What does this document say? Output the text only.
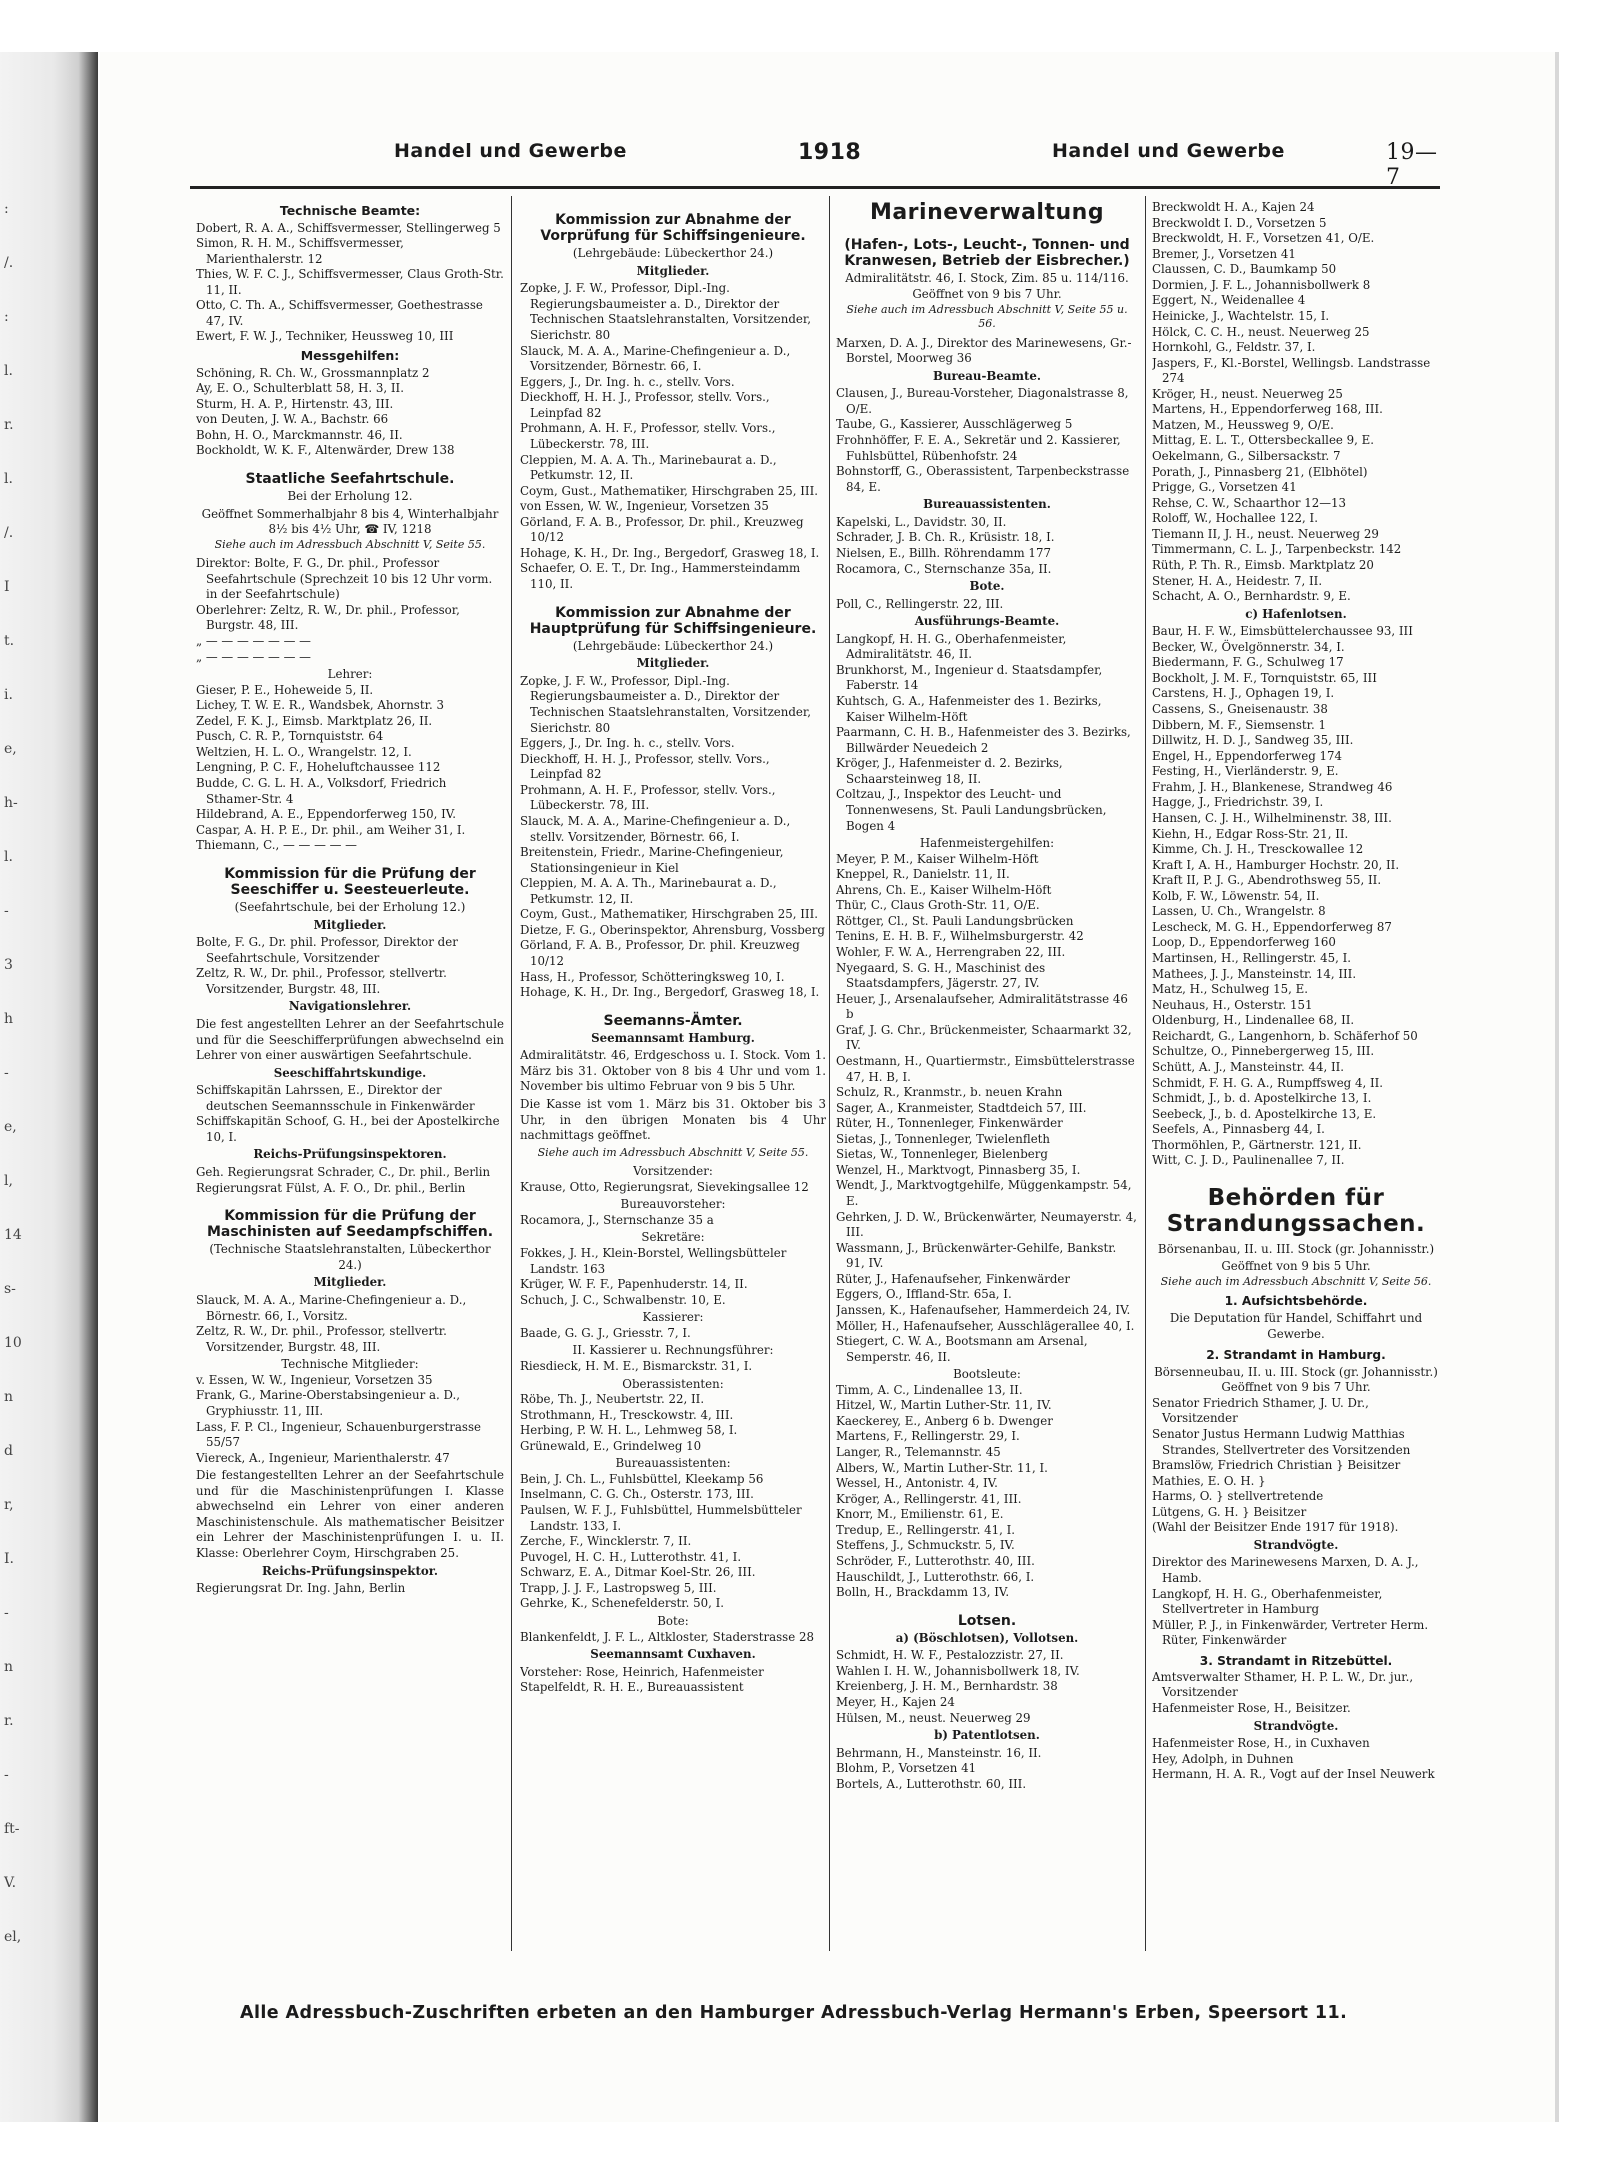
:
/.
:
l.
r.
l.
/.
I
t.
i.
e,
h-
l.
-
3
h
-
e,
l,
14
s-
10
n
d
r,
I.
-
n
r.
-
ft-
V.
el,
Handel und Gewerbe	1918	Handel und Gewerbe	19—7
Technische Beamte:
Dobert, R. A. A., Schiffsvermesser, Stellingerweg 5
Simon, R. H. M., Schiffsvermesser, Marienthalerstr. 12
Thies, W. F. C. J., Schiffsvermesser, Claus Groth-Str. 11, II.
Otto, C. Th. A., Schiffsvermesser, Goethestrasse 47, IV.
Ewert, F. W. J., Techniker, Heussweg 10, III
Messgehilfen:
Schöning, R. Ch. W., Grossmannplatz 2
Ay, E. O., Schulterblatt 58, H. 3, II.
Sturm, H. A. P., Hirtenstr. 43, III.
von Deuten, J. W. A., Bachstr. 66
Bohn, H. O., Marckmannstr. 46, II.
Bockholdt, W. K. F., Altenwärder, Drew 138
Staatliche Seefahrtschule.
Bei der Erholung 12.
Geöffnet Sommerhalbjahr 8 bis 4, Winterhalbjahr 8½ bis 4½ Uhr, ☎ IV, 1218
Siehe auch im Adressbuch Abschnitt V, Seite 55.
Direktor: Bolte, F. G., Dr. phil., Professor Seefahrtschule (Sprechzeit 10 bis 12 Uhr vorm. in der Seefahrtschule)
Oberlehrer: Zeltz, R. W., Dr. phil., Professor, Burgstr. 48, III.
„ — — — — — — —
„ — — — — — — —
Lehrer:
Gieser, P. E., Hoheweide 5, II.
Lichey, T. W. E. R., Wandsbek, Ahornstr. 3
Zedel, F. K. J., Eimsb. Marktplatz 26, II.
Pusch, C. R. P., Tornquiststr. 64
Weltzien, H. L. O., Wrangelstr. 12, I.
Lengning, P. C. F., Hoheluftchaussee 112
Budde, C. G. L. H. A., Volksdorf, Friedrich Sthamer-Str. 4
Hildebrand, A. E., Eppendorferweg 150, IV.
Caspar, A. H. P. E., Dr. phil., am Weiher 31, I.
Thiemann, C., — — — — —
Kommission für die Prüfung der Seeschiffer u. Seesteuerleute.
(Seefahrtschule, bei der Erholung 12.)
Mitglieder.
Bolte, F. G., Dr. phil. Professor, Direktor der Seefahrtschule, Vorsitzender
Zeltz, R. W., Dr. phil., Professor, stellvertr. Vorsitzender, Burgstr. 48, III.
Navigationslehrer.
Die fest angestellten Lehrer an der Seefahrtschule und für die Seeschifferprüfungen abwechselnd ein Lehrer von einer auswärtigen Seefahrtschule.
Seeschiffahrtskundige.
Schiffskapitän Lahrssen, E., Direktor der deutschen Seemannsschule in Finkenwärder
Schiffskapitän Schoof, G. H., bei der Apostelkirche 10, I.
Reichs-Prüfungsinspektoren.
Geh. Regierungsrat Schrader, C., Dr. phil., Berlin
Regierungsrat Fülst, A. F. O., Dr. phil., Berlin
Kommission für die Prüfung der Maschinisten auf Seedampfschiffen.
(Technische Staatslehranstalten, Lübeckerthor 24.)
Mitglieder.
Slauck, M. A. A., Marine-Chefingenieur a. D., Börnestr. 66, I., Vorsitz.
Zeltz, R. W., Dr. phil., Professor, stellvertr. Vorsitzender, Burgstr. 48, III.
Technische Mitglieder:
v. Essen, W. W., Ingenieur, Vorsetzen 35
Frank, G., Marine-Oberstabsingenieur a. D., Gryphiusstr. 11, III.
Lass, F. P. Cl., Ingenieur, Schauenburgerstrasse 55/57
Viereck, A., Ingenieur, Marienthalerstr. 47
Die festangestellten Lehrer an der Seefahrtschule und für die Maschinistenprüfungen I. Klasse abwechselnd ein Lehrer von einer anderen Maschinistenschule. Als mathematischer Beisitzer ein Lehrer der Maschinistenprüfungen I. u. II. Klasse: Oberlehrer Coym, Hirschgraben 25.
Reichs-Prüfungsinspektor.
Regierungsrat Dr. Ing. Jahn, Berlin
Kommission zur Abnahme der Vorprüfung für Schiffsingenieure.
(Lehrgebäude: Lübeckerthor 24.)
Mitglieder.
Zopke, J. F. W., Professor, Dipl.-Ing. Regierungsbaumeister a. D., Direktor der Technischen Staatslehranstalten, Vorsitzender, Sierichstr. 80
Slauck, M. A. A., Marine-Chefingenieur a. D., Vorsitzender, Börnestr. 66, I.
Eggers, J., Dr. Ing. h. c., stellv. Vors.
Dieckhoff, H. H. J., Professor, stellv. Vors., Leinpfad 82
Prohmann, A. H. F., Professor, stellv. Vors., Lübeckerstr. 78, III.
Cleppien, M. A. A. Th., Marinebaurat a. D., Petkumstr. 12, II.
Coym, Gust., Mathematiker, Hirschgraben 25, III.
von Essen, W. W., Ingenieur, Vorsetzen 35
Görland, F. A. B., Professor, Dr. phil., Kreuzweg 10/12
Hohage, K. H., Dr. Ing., Bergedorf, Grasweg 18, I.
Schaefer, O. E. T., Dr. Ing., Hammersteindamm 110, II.
Kommission zur Abnahme der Hauptprüfung für Schiffsingenieure.
(Lehrgebäude: Lübeckerthor 24.)
Mitglieder.
Zopke, J. F. W., Professor, Dipl.-Ing. Regierungsbaumeister a. D., Direktor der Technischen Staatslehranstalten, Vorsitzender, Sierichstr. 80
Eggers, J., Dr. Ing. h. c., stellv. Vors.
Dieckhoff, H. H. J., Professor, stellv. Vors., Leinpfad 82
Prohmann, A. H. F., Professor, stellv. Vors., Lübeckerstr. 78, III.
Slauck, M. A. A., Marine-Chefingenieur a. D., stellv. Vorsitzender, Börnestr. 66, I.
Breitenstein, Friedr., Marine-Chefingenieur, Stationsingenieur in Kiel
Cleppien, M. A. A. Th., Marinebaurat a. D., Petkumstr. 12, II.
Coym, Gust., Mathematiker, Hirschgraben 25, III.
Dietze, F. G., Oberinspektor, Ahrensburg, Vossberg
Görland, F. A. B., Professor, Dr. phil. Kreuzweg 10/12
Hass, H., Professor, Schötteringksweg 10, I.
Hohage, K. H., Dr. Ing., Bergedorf, Grasweg 18, I.
Seemanns-Ämter.
Seemannsamt Hamburg.
Admiralitätstr. 46, Erdgeschoss u. I. Stock. Vom 1. März bis 31. Oktober von 8 bis 4 Uhr und vom 1. November bis ultimo Februar von 9 bis 5 Uhr.
Die Kasse ist vom 1. März bis 31. Oktober bis 3 Uhr, in den übrigen Monaten bis 4 Uhr nachmittags geöffnet.
Siehe auch im Adressbuch Abschnitt V, Seite 55.
Vorsitzender:
Krause, Otto, Regierungsrat, Sievekingsallee 12
Bureauvorsteher:
Rocamora, J., Sternschanze 35 a
Sekretäre:
Fokkes, J. H., Klein-Borstel, Wellingsbütteler Landstr. 163
Krüger, W. F. F., Papenhuderstr. 14, II.
Schuch, J. C., Schwalbenstr. 10, E.
Kassierer:
Baade, G. G. J., Griesstr. 7, I.
II. Kassierer u. Rechnungsführer:
Riesdieck, H. M. E., Bismarckstr. 31, I.
Oberassistenten:
Röbe, Th. J., Neubertstr. 22, II.
Strothmann, H., Tresckowstr. 4, III.
Herbing, P. W. H. L., Lehmweg 58, I.
Grünewald, E., Grindelweg 10
Bureauassistenten:
Bein, J. Ch. L., Fuhlsbüttel, Kleekamp 56
Inselmann, C. G. Ch., Osterstr. 173, III.
Paulsen, W. F. J., Fuhlsbüttel, Hummelsbütteler Landstr. 133, I.
Zerche, F., Wincklerstr. 7, II.
Puvogel, H. C. H., Lutterothstr. 41, I.
Schwarz, E. A., Ditmar Koel-Str. 26, III.
Trapp, J. J. F., Lastropsweg 5, III.
Gehrke, K., Schenefelderstr. 50, I.
Bote:
Blankenfeldt, J. F. L., Altkloster, Staderstrasse 28
Seemannsamt Cuxhaven.
Vorsteher: Rose, Heinrich, Hafenmeister
Stapelfeldt, R. H. E., Bureauassistent
Marineverwaltung
(Hafen-, Lots-, Leucht-, Tonnen- und Kranwesen, Betrieb der Eisbrecher.)
Admiralitätstr. 46, I. Stock, Zim. 85 u. 114/116. Geöffnet von 9 bis 7 Uhr.
Siehe auch im Adressbuch Abschnitt V, Seite 55 u. 56.
Marxen, D. A. J., Direktor des Marinewesens, Gr.-Borstel, Moorweg 36
Bureau-Beamte.
Clausen, J., Bureau-Vorsteher, Diagonalstrasse 8, O/E.
Taube, G., Kassierer, Ausschlägerweg 5
Frohnhöffer, F. E. A., Sekretär und 2. Kassierer, Fuhlsbüttel, Rübenhofstr. 24
Bohnstorff, G., Oberassistent, Tarpenbeckstrasse 84, E.
Bureauassistenten.
Kapelski, L., Davidstr. 30, II.
Schrader, J. B. Ch. R., Krüsistr. 18, I.
Nielsen, E., Billh. Röhrendamm 177
Rocamora, C., Sternschanze 35a, II.
Bote.
Poll, C., Rellingerstr. 22, III.
Ausführungs-Beamte.
Langkopf, H. H. G., Oberhafenmeister, Admiralitätstr. 46, II.
Brunkhorst, M., Ingenieur d. Staatsdampfer, Faberstr. 14
Kuhtsch, G. A., Hafenmeister des 1. Bezirks, Kaiser Wilhelm-Höft
Paarmann, C. H. B., Hafenmeister des 3. Bezirks, Billwärder Neuedeich 2
Kröger, J., Hafenmeister d. 2. Bezirks, Schaarsteinweg 18, II.
Coltzau, J., Inspektor des Leucht- und Tonnenwesens, St. Pauli Landungsbrücken, Bogen 4
Hafenmeistergehilfen:
Meyer, P. M., Kaiser Wilhelm-Höft
Kneppel, R., Danielstr. 11, II.
Ahrens, Ch. E., Kaiser Wilhelm-Höft
Thür, C., Claus Groth-Str. 11, O/E.
Röttger, Cl., St. Pauli Landungsbrücken
Tenins, E. H. B. F., Wilhelmsburgerstr. 42
Wohler, F. W. A., Herrengraben 22, III.
Nyegaard, S. G. H., Maschinist des Staatsdampfers, Jägerstr. 27, IV.
Heuer, J., Arsenalaufseher, Admiralitätstrasse 46 b
Graf, J. G. Chr., Brückenmeister, Schaarmarkt 32, IV.
Oestmann, H., Quartiermstr., Eimsbüttelerstrasse 47, H. B, I.
Schulz, R., Kranmstr., b. neuen Krahn
Sager, A., Kranmeister, Stadtdeich 57, III.
Rüter, H., Tonnenleger, Finkenwärder
Sietas, J., Tonnenleger, Twielenfleth
Sietas, W., Tonnenleger, Bielenberg
Wenzel, H., Marktvogt, Pinnasberg 35, I.
Wendt, J., Marktvogtgehilfe, Müggenkampstr. 54, E.
Gehrken, J. D. W., Brückenwärter, Neumayerstr. 4, III.
Wassmann, J., Brückenwärter-Gehilfe, Bankstr. 91, IV.
Rüter, J., Hafenaufseher, Finkenwärder
Eggers, O., Iffland-Str. 65a, I.
Janssen, K., Hafenaufseher, Hammerdeich 24, IV.
Möller, H., Hafenaufseher, Ausschlägerallee 40, I.
Stiegert, C. W. A., Bootsmann am Arsenal, Semperstr. 46, II.
Bootsleute:
Timm, A. C., Lindenallee 13, II.
Hitzel, W., Martin Luther-Str. 11, IV.
Kaeckerey, E., Anberg 6 b. Dwenger
Martens, F., Rellingerstr. 29, I.
Langer, R., Telemannstr. 45
Albers, W., Martin Luther-Str. 11, I.
Wessel, H., Antonistr. 4, IV.
Kröger, A., Rellingerstr. 41, III.
Knorr, M., Emilienstr. 61, E.
Tredup, E., Rellingerstr. 41, I.
Steffens, J., Schmuckstr. 5, IV.
Schröder, F., Lutterothstr. 40, III.
Hauschildt, J., Lutterothstr. 66, I.
Bolln, H., Brackdamm 13, IV.
Lotsen.
a) (Böschlotsen), Vollotsen.
Schmidt, H. W. F., Pestalozzistr. 27, II.
Wahlen I. H. W., Johannisbollwerk 18, IV.
Kreienberg, J. H. M., Bernhardstr. 38
Meyer, H., Kajen 24
Hülsen, M., neust. Neuerweg 29
b) Patentlotsen.
Behrmann, H., Mansteinstr. 16, II.
Blohm, P., Vorsetzen 41
Bortels, A., Lutterothstr. 60, III.
Breckwoldt H. A., Kajen 24
Breckwoldt I. D., Vorsetzen 5
Breckwoldt, H. F., Vorsetzen 41, O/E.
Bremer, J., Vorsetzen 41
Claussen, C. D., Baumkamp 50
Dormien, J. F. L., Johannisbollwerk 8
Eggert, N., Weidenallee 4
Heinicke, J., Wachtelstr. 15, I.
Hölck, C. C. H., neust. Neuerweg 25
Hornkohl, G., Feldstr. 37, I.
Jaspers, F., Kl.-Borstel, Wellingsb. Landstrasse 274
Kröger, H., neust. Neuerweg 25
Martens, H., Eppendorferweg 168, III.
Matzen, M., Heussweg 9, O/E.
Mittag, E. L. T., Ottersbeckallee 9, E.
Oekelmann, G., Silbersackstr. 7
Porath, J., Pinnasberg 21, (Elbhötel)
Prigge, G., Vorsetzen 41
Rehse, C. W., Schaarthor 12—13
Roloff, W., Hochallee 122, I.
Tiemann II, J. H., neust. Neuerweg 29
Timmermann, C. L. J., Tarpenbeckstr. 142
Rüth, P. Th. R., Eimsb. Marktplatz 20
Stener, H. A., Heidestr. 7, II.
Schacht, A. O., Bernhardstr. 9, E.
c) Hafenlotsen.
Baur, H. F. W., Eimsbüttelerchaussee 93, III
Becker, W., Övelgönnerstr. 34, I.
Biedermann, F. G., Schulweg 17
Bockholt, J. M. F., Tornquiststr. 65, III
Carstens, H. J., Ophagen 19, I.
Cassens, S., Gneisenaustr. 38
Dibbern, M. F., Siemsenstr. 1
Dillwitz, H. D. J., Sandweg 35, III.
Engel, H., Eppendorferweg 174
Festing, H., Vierländerstr. 9, E.
Frahm, J. H., Blankenese, Strandweg 46
Hagge, J., Friedrichstr. 39, I.
Hansen, C. J. H., Wilhelminenstr. 38, III.
Kiehn, H., Edgar Ross-Str. 21, II.
Kimme, Ch. J. H., Tresckowallee 12
Kraft I, A. H., Hamburger Hochstr. 20, II.
Kraft II, P. J. G., Abendrothsweg 55, II.
Kolb, F. W., Löwenstr. 54, II.
Lassen, U. Ch., Wrangelstr. 8
Lescheck, M. G. H., Eppendorferweg 87
Loop, D., Eppendorferweg 160
Martinsen, H., Rellingerstr. 45, I.
Mathees, J. J., Mansteinstr. 14, III.
Matz, H., Schulweg 15, E.
Neuhaus, H., Osterstr. 151
Oldenburg, H., Lindenallee 68, II.
Reichardt, G., Langenhorn, b. Schäferhof 50
Schultze, O., Pinnebergerweg 15, III.
Schütt, A. J., Mansteinstr. 44, II.
Schmidt, F. H. G. A., Rumpffsweg 4, II.
Schmidt, J., b. d. Apostelkirche 13, I.
Seebeck, J., b. d. Apostelkirche 13, E.
Seefels, A., Pinnasberg 44, I.
Thormöhlen, P., Gärtnerstr. 121, II.
Witt, C. J. D., Paulinenallee 7, II.
Behörden für Strandungssachen.
Börsenanbau, II. u. III. Stock (gr. Johannisstr.)
Geöffnet von 9 bis 5 Uhr.
Siehe auch im Adressbuch Abschnitt V, Seite 56.
1. Aufsichtsbehörde.
Die Deputation für Handel, Schiffahrt und Gewerbe.
2. Strandamt in Hamburg.
Börsenneubau, II. u. III. Stock (gr. Johannisstr.) Geöffnet von 9 bis 7 Uhr.
Senator Friedrich Sthamer, J. U. Dr., Vorsitzender
Senator Justus Hermann Ludwig Matthias Strandes, Stellvertreter des Vorsitzenden
Bramslöw, Friedrich Christian } Beisitzer
Mathies, E. O. H. }
Harms, O. } stellvertretende
Lütgens, G. H. } Beisitzer
(Wahl der Beisitzer Ende 1917 für 1918).
Strandvögte.
Direktor des Marinewesens Marxen, D. A. J., Hamb.
Langkopf, H. H. G., Oberhafenmeister, Stellvertreter in Hamburg
Müller, P. J., in Finkenwärder, Vertreter Herm. Rüter, Finkenwärder
3. Strandamt in Ritzebüttel.
Amtsverwalter Sthamer, H. P. L. W., Dr. jur., Vorsitzender
Hafenmeister Rose, H., Beisitzer.
Strandvögte.
Hafenmeister Rose, H., in Cuxhaven
Hey, Adolph, in Duhnen
Hermann, H. A. R., Vogt auf der Insel Neuwerk
Alle Adressbuch-Zuschriften erbeten an den Hamburger Adressbuch-Verlag Hermann's Erben, Speersort 11.
